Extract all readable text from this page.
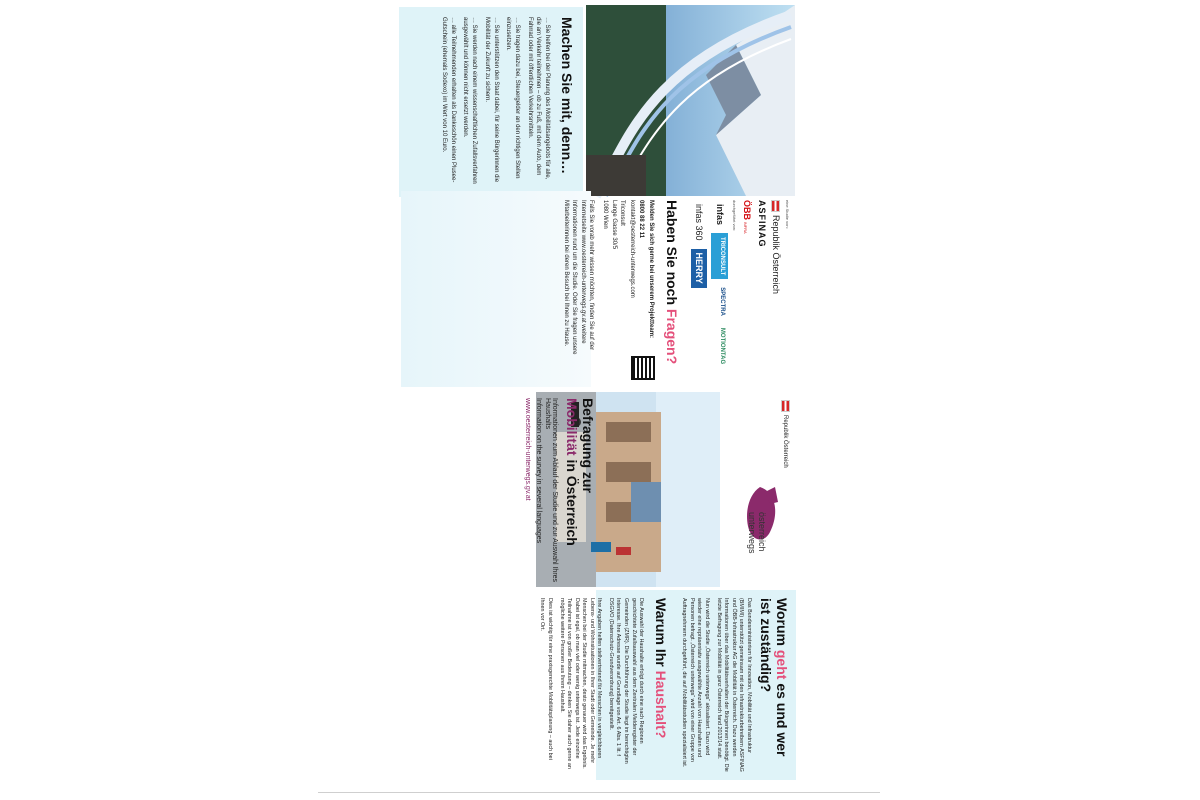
Machen Sie mit, denn…

… Sie helfen bei der Planung des Mobilitätsangebots für alle, die am Verkehr teilnehmen – ob zu Fuß, mit dem Auto, dem Fahrrad oder mit öffentlichen Verkehrsmitteln.

… Sie tragen dazu bei, Steuergelder an den richtigen Stellen einzusetzen.

… Sie unterstützen den Staat dabei, für seine Bürgerinnen die Mobilität der Zukunft zu sichern.

… Sie werden nach einem wissenschaftlichen Zufallsverfahren ausgewählt und können nicht ersetzt werden.

… alle Teilnehmenden erhalten als Dankeschön einen Plusee-Gutschein (ehemals Sodexo) im Wert von 10 Euro.

eine Studie von:
Republik Österreich
ASFINAG
ÖBB INFRA
durchgeführt von:
infas
TRICONSULT
SPECTRA
MOTIONTAG
infas 360
HERRY
Haben Sie noch Fragen?
Melden Sie sich gerne bei unserem Projektteam:
0800 88 22 11
kontakt@oesterreich-unterwegs.com
Triconsult
Lange Gasse 30/5
1080 Wien
Falls Sie vorab mehr wissen möchten, finden Sie auf der Internetseite www.oesterreich-unterwegs.gv.at weitere Informationen rund um die Studie. Oder Sie fragen unsere Mitarbeiterinnen bei deren Besuch bei Ihnen zu Hause.
Republik Österreich
österreich
unterwegs
Befragung zur
Mobilität in Österreich
Informationen zum Ablauf der Studie und zur Auswahl Ihres Haushalts
Information on the survey in several languages
www.oesterreich-unterwegs.gv.at
Worum geht es und wer ist zuständig?

Das Bundesministerium für Innovation, Mobilität und Infrastruktur (BMIMI) unterstützt gemeinsam mit den Infrastrukturbetreibern ASFINAG und ÖBB-Infrastruktur AG die Mobilität in Österreich. Dazu werden Informationen über das Mobilitätsverhalten der Bürgerinnen benötigt. Die letzte Befragung zur Mobilität in ganz Österreich fand 2013/14 statt.

Nun wird die Studie „Österreich unterwegs“ aktualisiert. Dazu wird wieder eine repräsentativ ausgewählte Anzahl von Haushalten und Personen befragt. „Österreich unterwegs“ wird von einer Gruppe von Auftragnehmern durchgeführt, die auf Mobilitätsstudien spezialisiert ist.

Warum Ihr Haushalt?

Die Auswahl der Haushalte erfolgt durch eine nach Regionen geschichtete Zufallsauswahl aus dem Zentralen Melderegister der Gemeinden (ZMR). Die Durchführung der Studie liegt im berechtigten Interesse. Ihre Adresse wurde auf Grundlage von Art. 6 Abs. 1 lit. f DSGVO (Datenschutz-Grundverordnung) bereitgestellt.

Ihre Angaben helfen stellvertretend für Menschen in vergleichbaren Lebens- und Wohnsituationen in Ihrer Stadt oder Gemeinde. Je mehr Menschen bei der Studie mitmachen, desto genauer wird das Ergebnis. Dabei ist egal, ob man viel oder wenig unterwegs ist. Jede einzelne Teilnahme ist von großer Bedeutung – denken Sie daher auch gerne an mögliche weitere Personen aus Ihrem Haushalt.

Dies ist wichtig für eine praxisgerechte Mobilitätsplanung – auch bei Ihnen vor Ort.
